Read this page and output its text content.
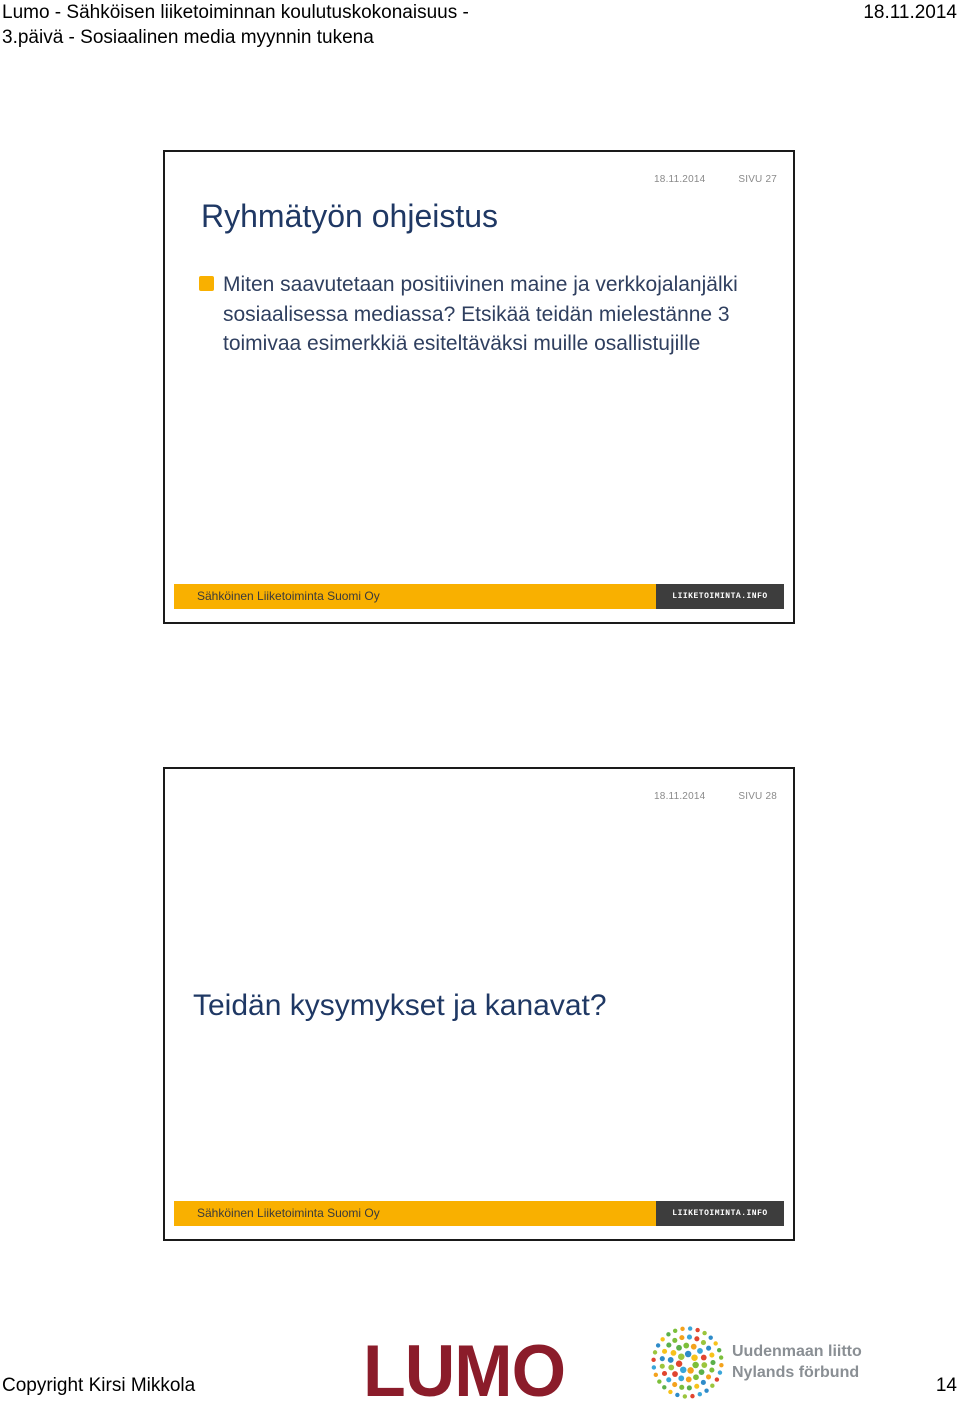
Lumo - Sähköisen liiketoiminnan koulutuskokonaisuus -
3.päivä - Sosiaalinen media myynnin tukena
18.11.2014
18.11.2014	SIVU 27
Ryhmätyön ohjeistus
Miten saavutetaan positiivinen maine ja verkkojalanjälki sosiaalisessa mediassa? Etsikää teidän mielestänne 3 toimivaa esimerkkiä esiteltäväksi muille osallistujille
Sähköinen Liiketoiminta Suomi Oy	LIIKETOIMINTA.INFO
18.11.2014	SIVU 28
Teidän kysymykset ja kanavat?
Sähköinen Liiketoiminta Suomi Oy	LIIKETOIMINTA.INFO
Copyright Kirsi Mikkola LUMO	Uudenmaan liitto
Nylands förbund
14
